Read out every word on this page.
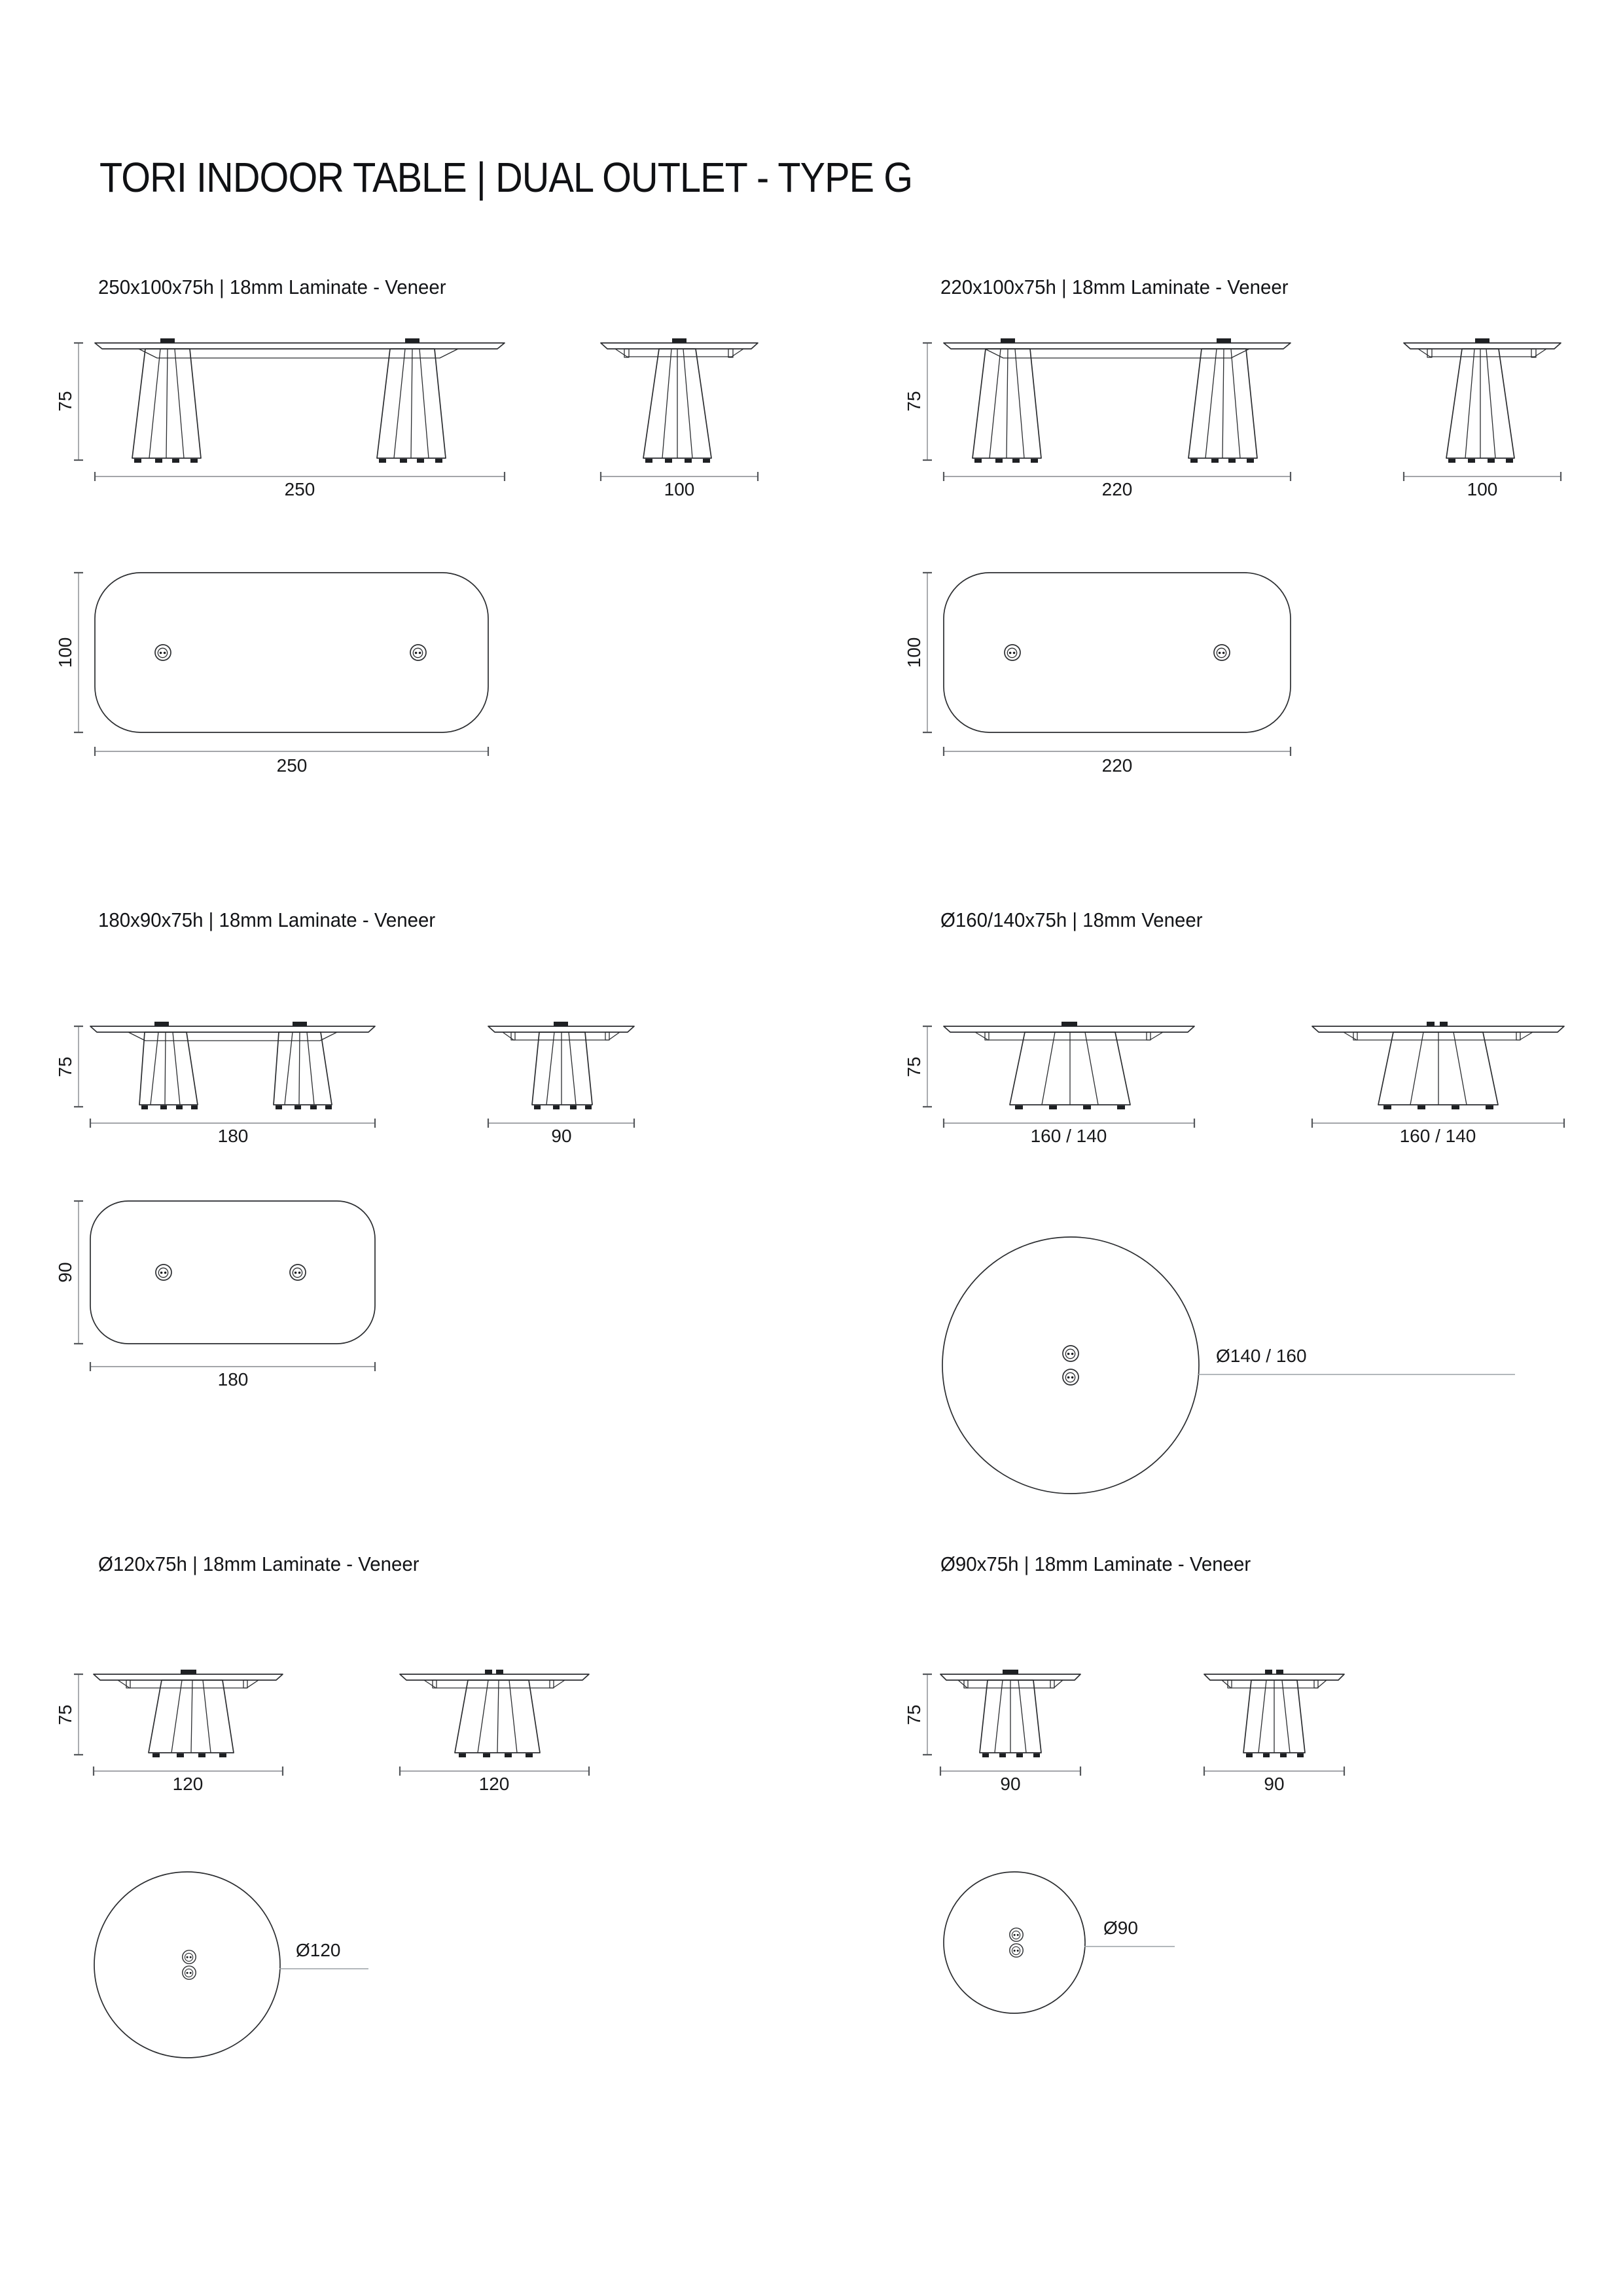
TORI INDOOR TABLE | DUAL OUTLET - TYPE G
250x100x75h | 18mm Laminate - Veneer	220x100x75h | 18mm Laminate - Veneer
180x90x75h | 18mm Laminate - Veneer	Ø160/140x75h | 18mm Veneer
Ø120x75h | 18mm Laminate - Veneer	Ø90x75h | 18mm Laminate - Veneer
75
250	100
100
250
75
220	100
100
220
75
180	90
90
180
75
160 / 140	160 / 140
Ø140 / 160
75
120	120
Ø120
75
90	90
Ø90
